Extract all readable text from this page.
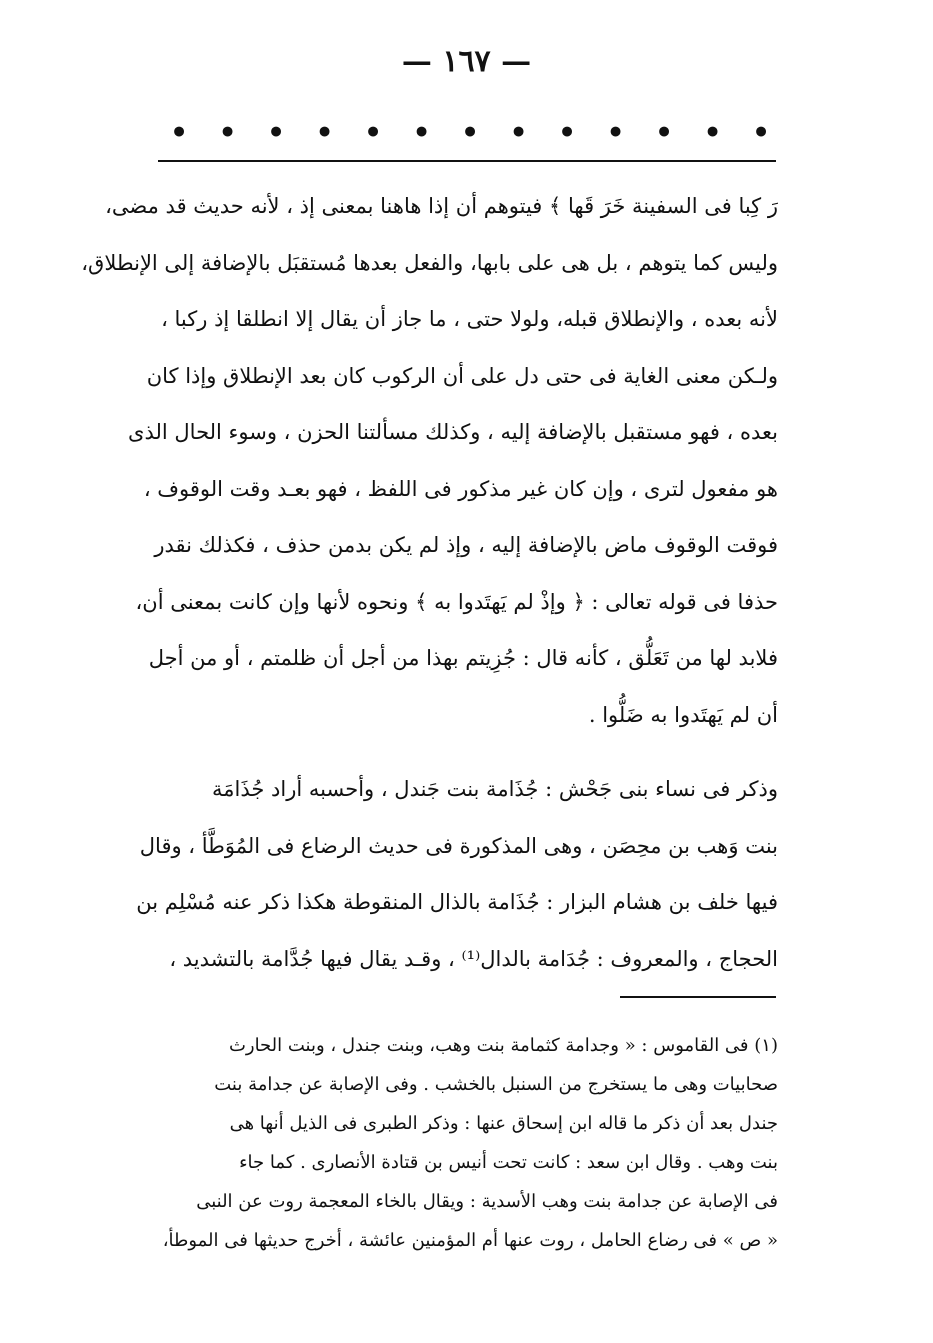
— ١٦٧ —
•
•
•
•
•
•
•
•
•
•
•
•
•
رَ كِبا فى السفينة خَرَ قَها ﴾ فيتوهم أن إذا هاهنا بمعنى إذ ، لأنه حديث قد مضى،
وليس كما يتوهم ، بل هى على بابها، والفعل بعدها مُستقبَل بالإضافة إلى الإنطلاق،
لأنه بعده ، والإنطلاق قبله، ولولا حتى ، ما جاز أن يقال إلا انطلقا إذ ركبا ،
ولـكن معنى الغاية فى حتى دل على أن الركوب كان بعد الإنطلاق وإذا كان
بعده ، فهو مستقبل بالإضافة إليه ، وكذلك مسألتنا الحزن ، وسوء الحال الذى
هو مفعول لترى ، وإن كان غير مذكور فى اللفظ ، فهو بعـد وقت الوقوف ،
فوقت الوقوف ماض بالإضافة إليه ، وإذ لم يكن بدمن حذف ، فكذلك نقدر
حذفا فى قوله تعالى : ﴿ وإذْ لم يَهتَدوا به ﴾ ونحوه لأنها وإن كانت بمعنى أن،
فلابد لها من تَعَلُّق ، كأنه قال : جُزِيتم بهذا من أجل أن ظلمتم ، أو من أجل
أن لم يَهتَدوا به ضَلُّوا .
وذكر فى نساء بنى جَحْش : جُذَامة بنت جَندل ، وأحسبه أراد جُذَامَة
بنت وَهب بن محِصَن ، وهى المذكورة فى حديث الرضاع فى المُوَطَّأ ، وقال
فيها خلف بن هشام البزار : جُذَامة بالذال المنقوطة هكذا ذكر عنه مُسْلِم بن
الحجاج ، والمعروف : جُدَامة بالدال⁽¹⁾ ، وقـد يقال فيها جُدَّامة بالتشديد ،
(١) فى القاموس : « وجدامة كثمامة بنت وهب، وبنت جندل ، وبنت الحارث
صحابيات وهى ما يستخرج من السنبل بالخشب . وفى الإصابة عن جدامة بنت
جندل بعد أن ذكر ما قاله ابن إسحاق عنها : وذكر الطبرى فى الذيل أنها هى
بنت وهب . وقال ابن سعد : كانت تحت أنيس بن قتادة الأنصارى . كما جاء
فى الإصابة عن جدامة بنت وهب الأسدية : ويقال بالخاء المعجمة روت عن النبى
« ص » فى رضاع الحامل ، روت عنها أم المؤمنين عائشة ، أخرج حديثها فى الموطأ،
